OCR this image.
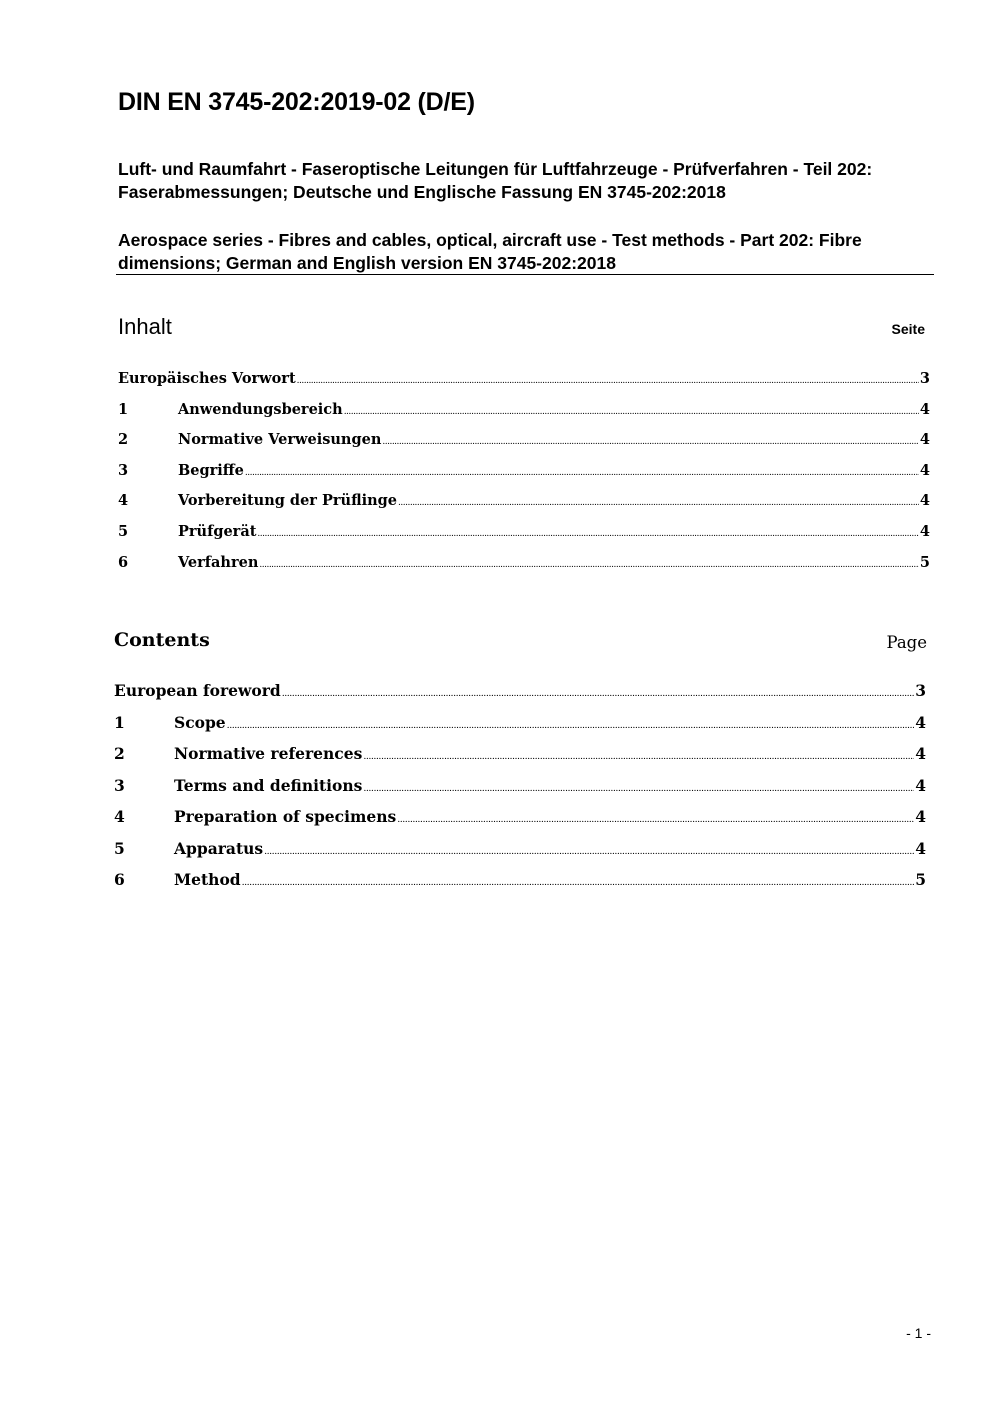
DIN EN 3745-202:2019-02 (D/E)

Luft- und Raumfahrt - Faseroptische Leitungen für Luftfahrzeuge - Prüfverfahren - Teil 202: Faserabmessungen; Deutsche und Englische Fassung EN 3745-202:2018

Aerospace series - Fibres and cables, optical, aircraft use - Test methods - Part 202: Fibre dimensions; German and English version EN 3745-202:2018

Inhalt	Seite
Europäisches Vorwort .....	3
1	Anwendungsbereich .....	4
2	Normative Verweisungen .....	4
3	Begriffe .....	4
4	Vorbereitung der Prüflinge .....	4
5	Prüfgerät .....	4
6	Verfahren .....	5
Contents	Page
European foreword .....	3
1	Scope .....	4
2	Normative references .....	4
3	Terms and definitions .....	4
4	Preparation of specimens .....	4
5	Apparatus .....	4
6	Method .....	5
- 1 -
